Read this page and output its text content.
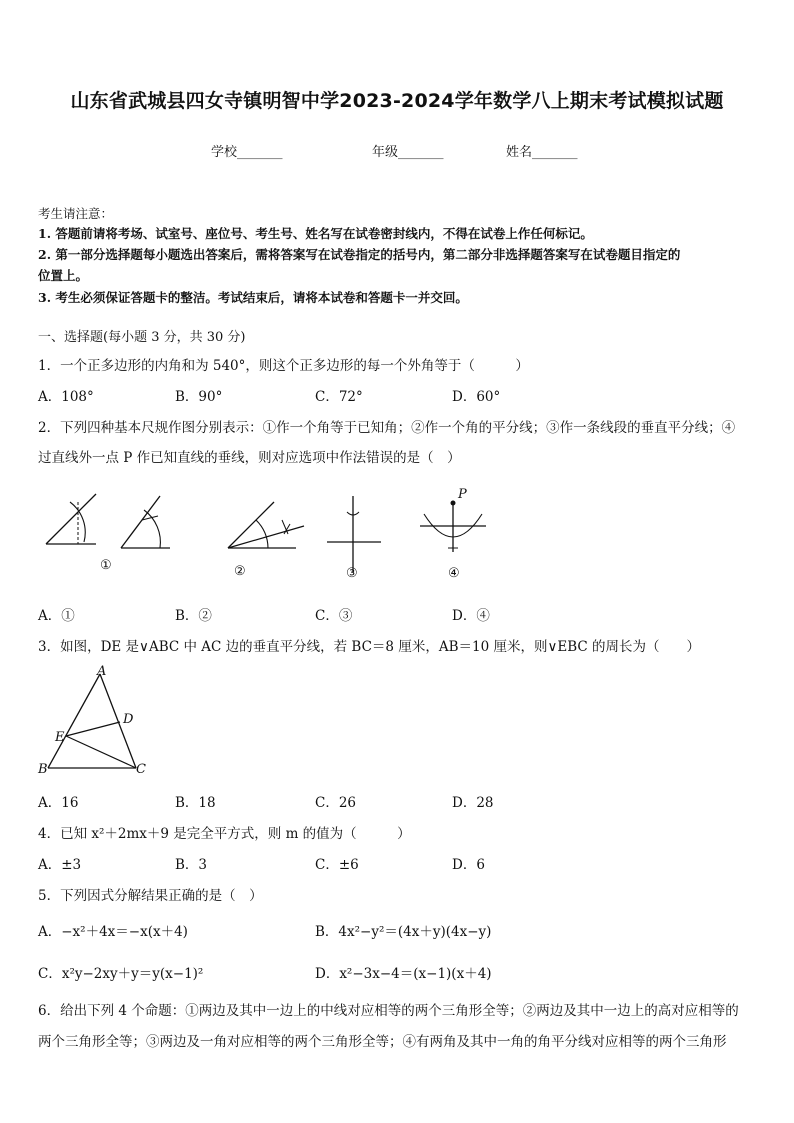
山东省武城县四女寺镇明智中学2023-2024学年数学八上期末考试模拟试题
学校_______	年级_______	姓名_______
考生请注意：
1. 答题前请将考场、试室号、座位号、考生号、姓名写在试卷密封线内，不得在试卷上作任何标记。
2. 第一部分选择题每小题选出答案后，需将答案写在试卷指定的括号内，第二部分非选择题答案写在试卷题目指定的
位置上。
3. 考生必须保证答题卡的整洁。考试结束后，请将本试卷和答题卡一并交回。
一、选择题(每小题 3 分，共 30 分)
1．一个正多边形的内角和为 540°，则这个正多边形的每一个外角等于（　　　）
A．108°	B．90°	C．72°	D．60°
2．下列四种基本尺规作图分别表示：①作一个角等于已知角；②作一个角的平分线；③作一条线段的垂直平分线；④
过直线外一点 P 作已知直线的垂线，则对应选项中作法错误的是（　）
①	②	③
P
④
A．①	B．②	C．③	D．④
3．如图，DE 是∨ABC 中 AC 边的垂直平分线，若 BC＝8 厘米，AB＝10 厘米，则∨EBC 的周长为（　　）
A
D
E
B	C
A．16	B．18	C．26	D．28
4．已知 x²＋2mx＋9 是完全平方式，则 m 的值为（　　　）
A．±3	B．3	C．±6	D．6
5．下列因式分解结果正确的是（　）
A．−x²＋4x＝−x(x＋4)	B．4x²−y²＝(4x＋y)(4x−y)
C．x²y−2xy＋y＝y(x−1)²	D．x²−3x−4＝(x−1)(x＋4)
6．给出下列 4 个命题：①两边及其中一边上的中线对应相等的两个三角形全等；②两边及其中一边上的高对应相等的
两个三角形全等；③两边及一角对应相等的两个三角形全等；④有两角及其中一角的角平分线对应相等的两个三角形
